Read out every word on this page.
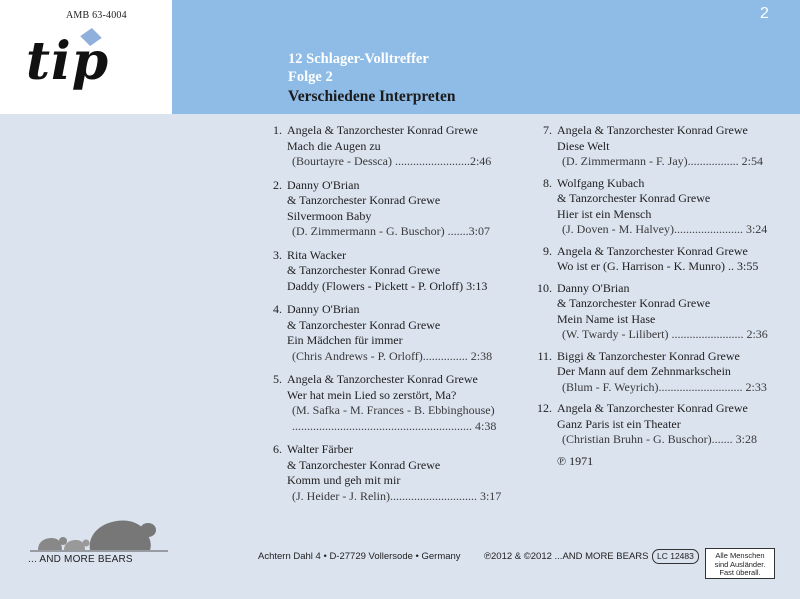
AMB 63-4004
tip
2
12 Schlager-Volltreffer
Folge 2
Verschiedene Interpreten
1. Angela & Tanzorchester Konrad Grewe
Mach die Augen zu
(Bourtayre - Dessca) .........................2:46
2. Danny O'Brian
& Tanzorchester Konrad Grewe
Silvermoon Baby
(D. Zimmermann - G. Buschor) .......3:07
3. Rita Wacker
& Tanzorchester Konrad Grewe
Daddy (Flowers - Pickett - P. Orloff) 3:13
4. Danny O'Brian
& Tanzorchester Konrad Grewe
Ein Mädchen für immer
(Chris Andrews - P. Orloff)............... 2:38
5. Angela & Tanzorchester Konrad Grewe
Wer hat mein Lied so zerstört, Ma?
(M. Safka - M. Frances - B. Ebbinghouse)
............................................................ 4:38
6. Walter Färber
& Tanzorchester Konrad Grewe
Komm und geh mit mir
(J. Heider - J. Relin)............................. 3:17
7. Angela & Tanzorchester Konrad Grewe
Diese Welt
(D. Zimmermann - F. Jay)................. 2:54
8. Wolfgang Kubach
& Tanzorchester Konrad Grewe
Hier ist ein Mensch
(J. Doven - M. Halvey)....................... 3:24
9. Angela & Tanzorchester Konrad Grewe
Wo ist er (G. Harrison - K. Munro) .. 3:55
10. Danny O'Brian
& Tanzorchester Konrad Grewe
Mein Name ist Hase
(W. Twardy - Lilibert) ........................ 2:36
11. Biggi & Tanzorchester Konrad Grewe
Der Mann auf dem Zehnmarkschein
(Blum - F. Weyrich)............................ 2:33
12. Angela & Tanzorchester Konrad Grewe
Ganz Paris ist ein Theater
(Christian Bruhn - G. Buschor)....... 3:28
℗ 1971
... AND MORE BEARS	Achtern Dahl 4 • D-27729 Vollersode • Germany ℗2012 & ©2012 ...AND MORE BEARS	LC 12483	Alle Menschen
sind Ausländer.
Fast überall.
